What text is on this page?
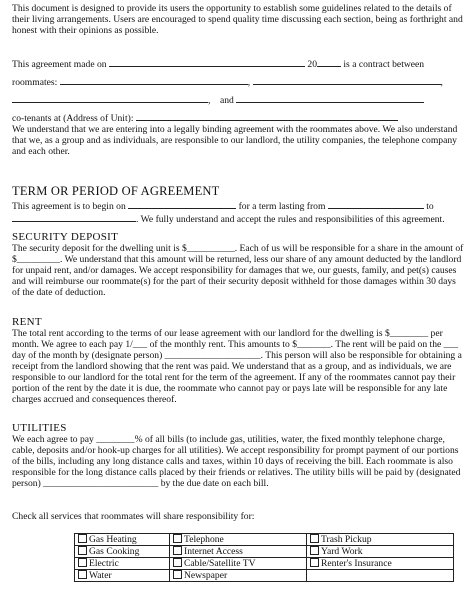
This document is designed to provide its users the opportunity to establish some guidelines related to the details of their living arrangements. Users are encouraged to spend quality time discussing each section, being as forthright and honest with their opinions as possible.

This agreement made on	20	is a contract between

roommates:	,	,

,    and

co-tenants at (Address of Unit):

We understand that we are entering into a legally binding agreement with the roommates above. We also understand that we, as a group and as individuals, are responsible to our landlord, the utility companies, the telephone company and each other.

TERM OR PERIOD OF AGREEMENT

This agreement is to begin on	for a term lasting from	to

. We fully understand and accept the rules and responsibilities of this agreement.

SECURITY DEPOSIT

The security deposit for the dwelling unit is $__________. Each of us will be responsible for a share in the amount of $_________. We understand that this amount will be returned, less our share of any amount deducted by the landlord for unpaid rent, and/or damages. We accept responsibility for damages that we, our guests, family, and pet(s) causes and will reimburse our roommate(s) for the part of their security deposit withheld for those damages within 30 days of the date of deduction.

RENT

The total rent according to the terms of our lease agreement with our landlord for the dwelling is $________ per month. We agree to each pay 1/___ of the monthly rent. This amounts to $_______. The rent will be paid on the ___ day of the month by (designate person) ____________________. This person will also be responsible for obtaining a receipt from the landlord showing that the rent was paid. We understand that as a group, and as individuals, we are responsible to our landlord for the total rent for the term of the agreement. If any of the roommates cannot pay their portion of the rent by the date it is due, the roommate who cannot pay or pays late will be responsible for any late charges accrued and consequences thereof.

UTILITIES

We each agree to pay ________% of all bills (to include gas, utilities, water, the fixed monthly telephone charge, cable, deposits and/or hook-up charges for all utilities). We accept responsibility for prompt payment of our portions of the bills, including any long distance calls and taxes, within 10 days of receiving the bill. Each roommate is also responsible for the long distance calls placed by their friends or relatives. The utility bills will be paid by (designated person) ________________________ by the due date on each bill.

Check all services that roommates will share responsibility for:

Gas Heating	Telephone	Trash Pickup
Gas Cooking	Internet Access	Yard Work
Electric	Cable/Satellite TV	Renter's Insurance
Water	Newspaper	
